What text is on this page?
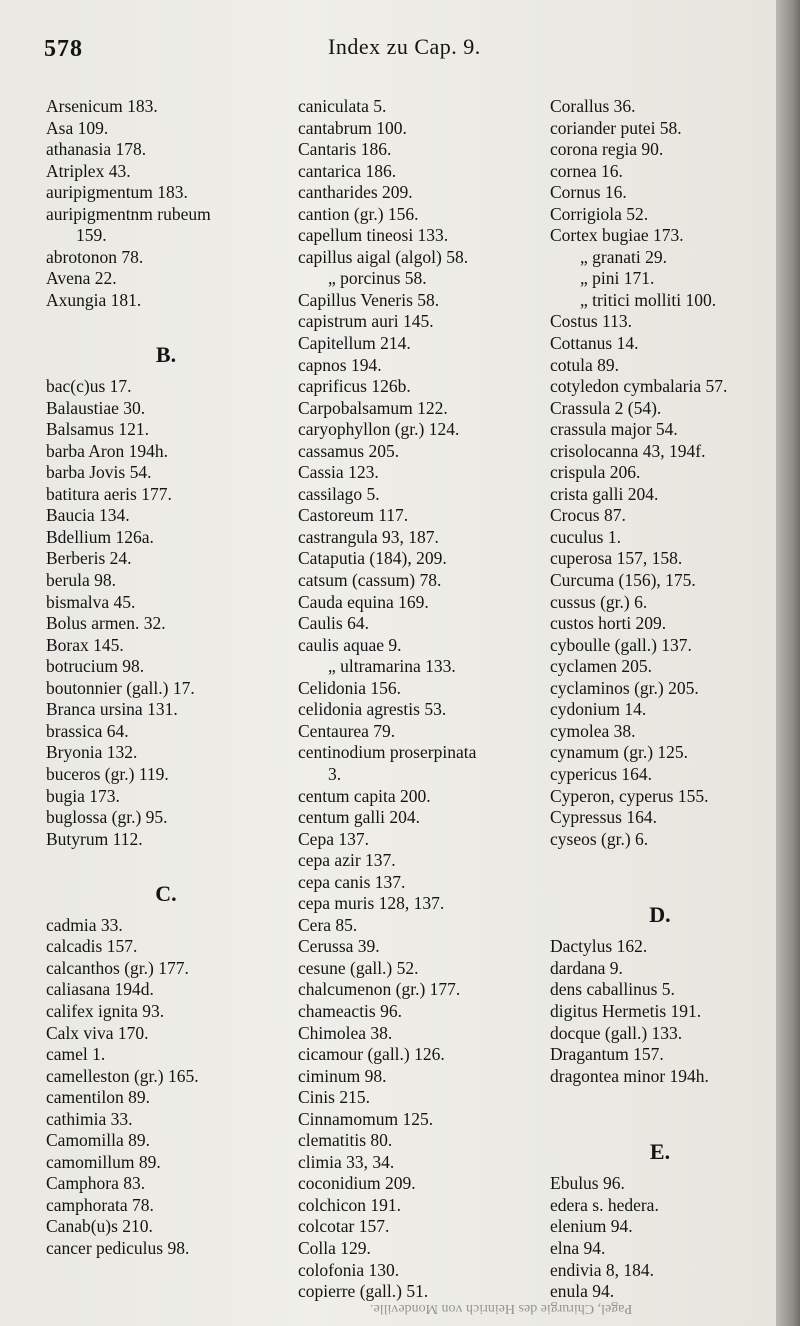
578	Index zu Cap. 9.
Arsenicum 183.
Asa 109.
athanasia 178.
Atriplex 43.
auripigmentum 183.
auripigmentnm rubeum
159.
abrotonon 78.
Avena 22.
Axungia 181.
B.
bac(c)us 17.
Balaustiae 30.
Balsamus 121.
barba Aron 194h.
barba Jovis 54.
batitura aeris 177.
Baucia 134.
Bdellium 126a.
Berberis 24.
berula 98.
bismalva 45.
Bolus armen. 32.
Borax 145.
botrucium 98.
boutonnier (gall.) 17.
Branca ursina 131.
brassica 64.
Bryonia 132.
buceros (gr.) 119.
bugia 173.
buglossa (gr.) 95.
Butyrum 112.
C.
cadmia 33.
calcadis 157.
calcanthos (gr.) 177.
caliasana 194d.
califex ignita 93.
Calx viva 170.
camel 1.
camelleston (gr.) 165.
camentilon 89.
cathimia 33.
Camomilla 89.
camomillum 89.
Camphora 83.
camphorata 78.
Canab(u)s 210.
cancer pediculus 98.
caniculata 5.
cantabrum 100.
Cantaris 186.
cantarica 186.
cantharides 209.
cantion (gr.) 156.
capellum tineosi 133.
capillus aigal (algol) 58.
„ porcinus 58.
Capillus Veneris 58.
capistrum auri 145.
Capitellum 214.
capnos 194.
caprificus 126b.
Carpobalsamum 122.
caryophyllon (gr.) 124.
cassamus 205.
Cassia 123.
cassilago 5.
Castoreum 117.
castrangula 93, 187.
Cataputia (184), 209.
catsum (cassum) 78.
Cauda equina 169.
Caulis 64.
caulis aquae 9.
„ ultramarina 133.
Celidonia 156.
celidonia agrestis 53.
Centaurea 79.
centinodium proserpinata
3.
centum capita 200.
centum galli 204.
Cepa 137.
cepa azir 137.
cepa canis 137.
cepa muris 128, 137.
Cera 85.
Cerussa 39.
cesune (gall.) 52.
chalcumenon (gr.) 177.
chameactis 96.
Chimolea 38.
cicamour (gall.) 126.
ciminum 98.
Cinis 215.
Cinnamomum 125.
clematitis 80.
climia 33, 34.
coconidium 209.
colchicon 191.
colcotar 157.
Colla 129.
colofonia 130.
copierre (gall.) 51.
Corallus 36.
coriander putei 58.
corona regia 90.
cornea 16.
Cornus 16.
Corrigiola 52.
Cortex bugiae 173.
„ granati 29.
„ pini 171.
„ tritici molliti 100.
Costus 113.
Cottanus 14.
cotula 89.
cotyledon cymbalaria 57.
Crassula 2 (54).
crassula major 54.
crisolocanna 43, 194f.
crispula 206.
crista galli 204.
Crocus 87.
cuculus 1.
cuperosa 157, 158.
Curcuma (156), 175.
cussus (gr.) 6.
custos horti 209.
cyboulle (gall.) 137.
cyclamen 205.
cyclaminos (gr.) 205.
cydonium 14.
cymolea 38.
cynamum (gr.) 125.
cypericus 164.
Cyperon, cyperus 155.
Cypressus 164.
cyseos (gr.) 6.
D.
Dactylus 162.
dardana 9.
dens caballinus 5.
digitus Hermetis 191.
docque (gall.) 133.
Dragantum 157.
dragontea minor 194h.
E.
Ebulus 96.
edera s. hedera.
elenium 94.
elna 94.
endivia 8, 184.
enula 94.
Pagel, Chirurgie des Heinrich von Mondeville.
